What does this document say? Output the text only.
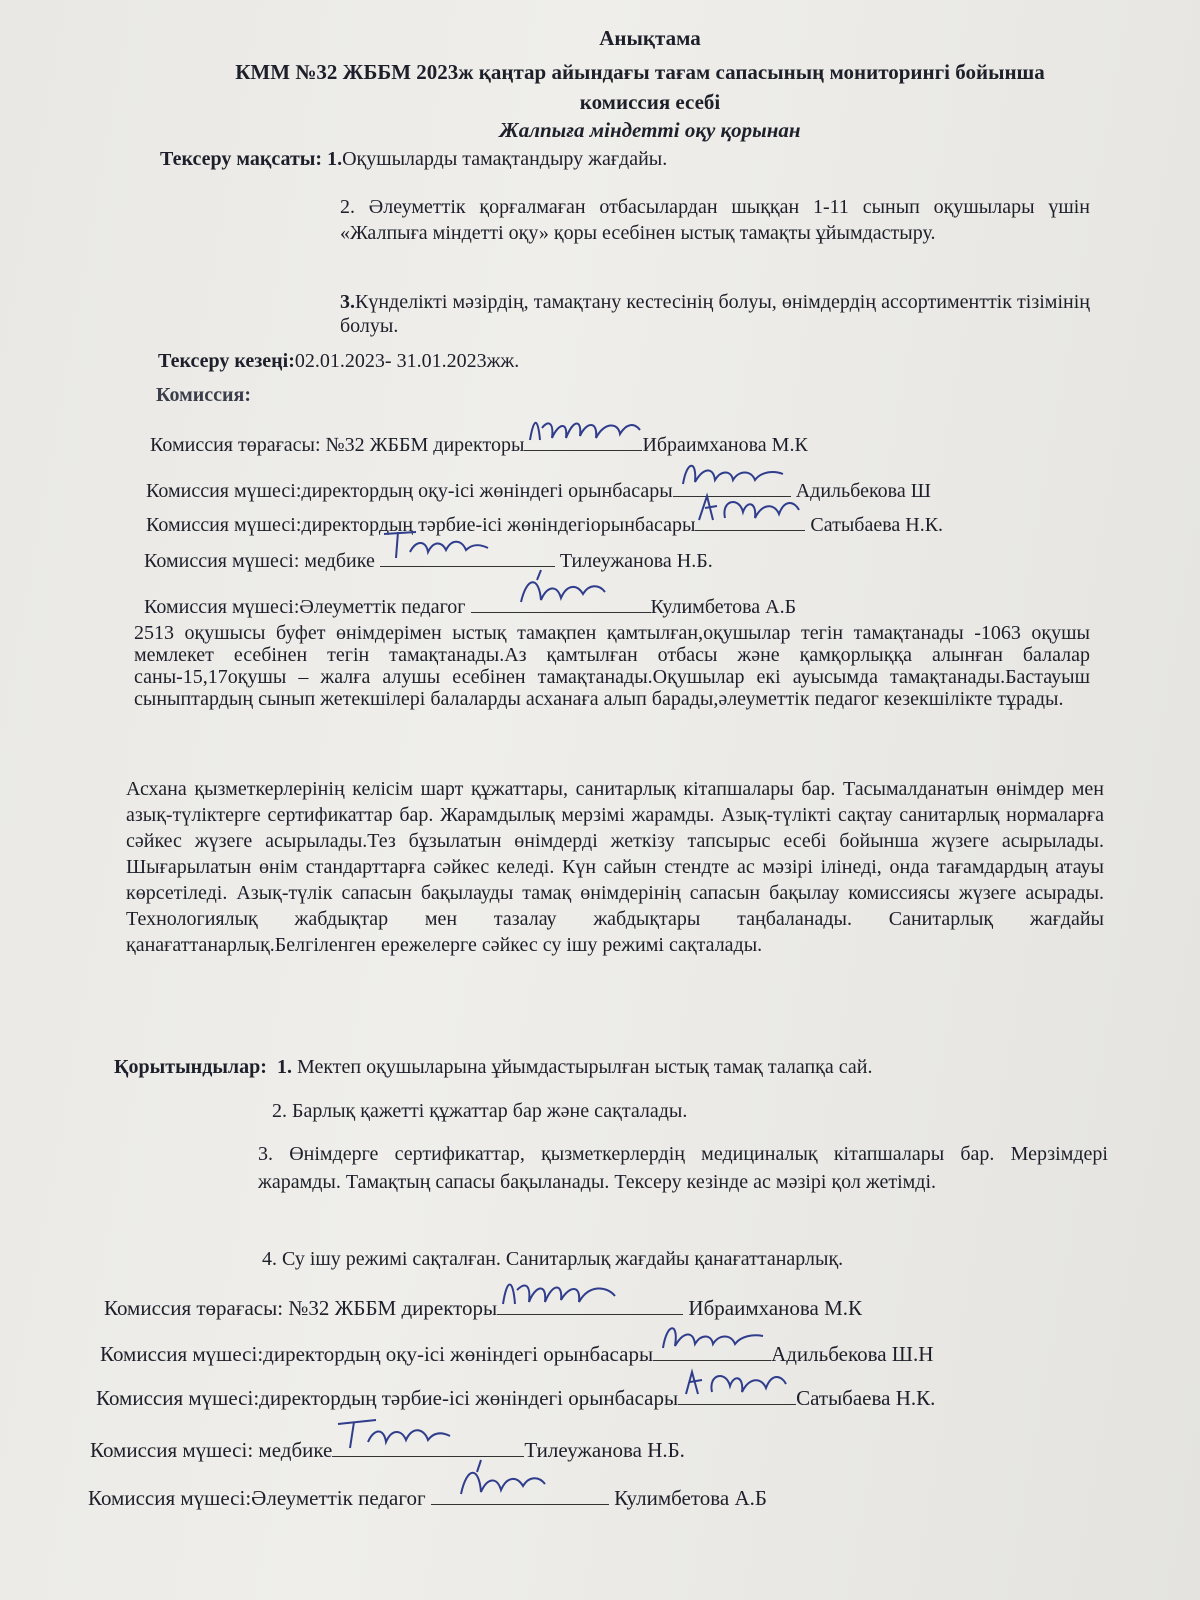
Анықтама
КММ №32 ЖББМ 2023ж қаңтар айындағы тағам сапасының мониторингі бойынша
комиссия есебі
Жалпыға міндетті оқу қорынан
Тексеру мақсаты: 1.Оқушыларды тамақтандыру жағдайы.
2. Әлеуметтік қорғалмаған отбасылардан шыққан 1-11 сынып оқушылары үшін «Жалпыға міндетті оқу» қоры есебінен ыстық тамақты ұйымдастыру.
3.Күнделікті мәзірдің, тамақтану кестесінің болуы, өнімдердің ассортименттік тізімінің болуы.
Тексеру кезеңі:02.01.2023- 31.01.2023жж.
Комиссия:
Комиссия төрағасы: №32 ЖББМ директоры	Ибраимханова М.К
Комиссия мүшесі:директордың оқу-ісі жөніндегі орынбасары	Адильбекова Ш
Комиссия мүшесі:директордың тәрбие-ісі жөніндегіорынбасары	Сатыбаева Н.К.
Комиссия мүшесі: медбике	Тилеужанова Н.Б.
Комиссия мүшесі:Әлеуметтік педагог	Кулимбетова А.Б
2513 оқушысы буфет өнімдерімен ыстық тамақпен қамтылған,оқушылар тегін тамақтанады -1063 оқушы мемлекет есебінен тегін тамақтанады.Аз қамтылған отбасы және қамқорлыққа алынған балалар саны-15,17оқушы – жалға алушы есебінен тамақтанады.Оқушылар екі ауысымда тамақтанады.Бастауыш сыныптардың сынып жетекшілері балаларды асханаға алып барады,әлеуметтік педагог кезекшілікте тұрады.
Асхана қызметкерлерінің келісім шарт құжаттары, санитарлық кітапшалары бар. Тасымалданатын өнімдер мен азық-түліктерге сертификаттар бар. Жарамдылық мерзімі жарамды. Азық-түлікті сақтау санитарлық нормаларға сәйкес жүзеге асырылады.Тез бұзылатын өнімдерді жеткізу тапсырыс есебі бойынша жүзеге асырылады. Шығарылатын өнім стандарттарға сәйкес келеді. Күн сайын стендте ас мәзірі ілінеді, онда тағамдардың атауы көрсетіледі. Азық-түлік сапасын бақылауды тамақ өнімдерінің сапасын бақылау комиссиясы жүзеге асырады. Технологиялық жабдықтар мен тазалау жабдықтары таңбаланады. Санитарлық жағдайы қанағаттанарлық.Белгіленген ережелерге сәйкес су ішу режимі сақталады.
Қорытындылар: 1. Мектеп оқушыларына ұйымдастырылған ыстық тамақ талапқа сай.
2. Барлық қажетті құжаттар бар және сақталады.
3. Өнімдерге сертификаттар, қызметкерлердің медициналық кітапшалары бар. Мерзімдері жарамды. Тамақтың сапасы бақыланады. Тексеру кезінде ас мәзірі қол жетімді.
4. Су ішу режимі сақталған. Санитарлық жағдайы қанағаттанарлық.
Комиссия төрағасы: №32 ЖББМ директоры	Ибраимханова М.К
Комиссия мүшесі:директордың оқу-ісі жөніндегі орынбасары	Адильбекова Ш.Н
Комиссия мүшесі:директордың тәрбие-ісі жөніндегі орынбасары	Сатыбаева Н.К.
Комиссия мүшесі: медбике	Тилеужанова Н.Б.
Комиссия мүшесі:Әлеуметтік педагог	Кулимбетова А.Б
